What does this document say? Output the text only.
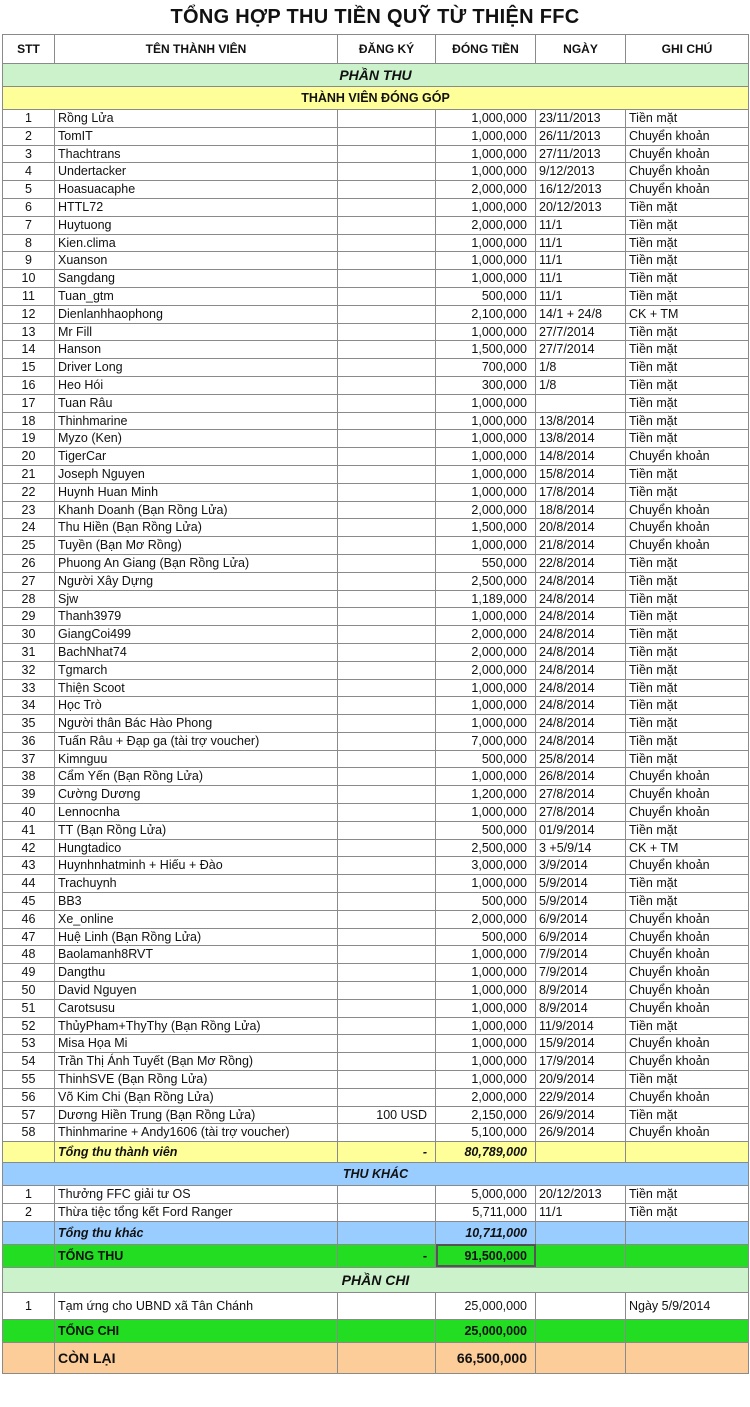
TỔNG HỢP THU TIỀN QUỸ TỪ THIỆN FFC
STT	TÊN THÀNH VIÊN	ĐĂNG KÝ	ĐÓNG TIỀN	NGÀY	GHI CHÚ
PHẦN THU					
THÀNH VIÊN ĐÓNG GÓP					
1	Rồng Lửa		1,000,000	23/11/2013	Tiền mặt
2	TomIT		1,000,000	26/11/2013	Chuyển khoản
3	Thachtrans		1,000,000	27/11/2013	Chuyển khoản
4	Undertacker		1,000,000	9/12/2013	Chuyển khoản
5	Hoasuacaphe		2,000,000	16/12/2013	Chuyển khoản
6	HTTL72		1,000,000	20/12/2013	Tiền mặt
7	Huytuong		2,000,000	11/1	Tiền mặt
8	Kien.clima		1,000,000	11/1	Tiền mặt
9	Xuanson		1,000,000	11/1	Tiền mặt
10	Sangdang		1,000,000	11/1	Tiền mặt
11	Tuan_gtm		500,000	11/1	Tiền mặt
12	Dienlanhhaophong		2,100,000	14/1 + 24/8	CK + TM
13	Mr Fill		1,000,000	27/7/2014	Tiền mặt
14	Hanson		1,500,000	27/7/2014	Tiền mặt
15	Driver Long		700,000	1/8	Tiền mặt
16	Heo Hói		300,000	1/8	Tiền mặt
17	Tuan Râu		1,000,000		Tiền mặt
18	Thinhmarine		1,000,000	13/8/2014	Tiền mặt
19	Myzo (Ken)		1,000,000	13/8/2014	Tiền mặt
20	TigerCar		1,000,000	14/8/2014	Chuyển khoản
21	Joseph Nguyen		1,000,000	15/8/2014	Tiền mặt
22	Huynh Huan Minh		1,000,000	17/8/2014	Tiền mặt
23	Khanh Doanh (Bạn Rồng Lửa)		2,000,000	18/8/2014	Chuyển khoản
24	Thu Hiền (Bạn Rồng Lửa)		1,500,000	20/8/2014	Chuyển khoản
25	Tuyền (Bạn Mơ Rồng)		1,000,000	21/8/2014	Chuyển khoản
26	Phuong An Giang (Bạn Rồng Lửa)		550,000	22/8/2014	Tiền mặt
27	Người Xây Dựng		2,500,000	24/8/2014	Tiền mặt
28	Sjw		1,189,000	24/8/2014	Tiền mặt
29	Thanh3979		1,000,000	24/8/2014	Tiền mặt
30	GiangCoi499		2,000,000	24/8/2014	Tiền mặt
31	BachNhat74		2,000,000	24/8/2014	Tiền mặt
32	Tgmarch		2,000,000	24/8/2014	Tiền mặt
33	Thiện Scoot		1,000,000	24/8/2014	Tiền mặt
34	Học Trò		1,000,000	24/8/2014	Tiền mặt
35	Người thân Bác Hào Phong		1,000,000	24/8/2014	Tiền mặt
36	Tuấn Râu + Đạp ga (tài trợ voucher)		7,000,000	24/8/2014	Tiền mặt
37	Kimnguu		500,000	25/8/2014	Tiền mặt
38	Cẩm Yến (Bạn Rồng Lửa)		1,000,000	26/8/2014	Chuyển khoản
39	Cường Dương		1,200,000	27/8/2014	Chuyển khoản
40	Lennocnha		1,000,000	27/8/2014	Chuyển khoản
41	TT (Bạn Rồng Lửa)		500,000	01/9/2014	Tiền mặt
42	Hungtadico		2,500,000	3 +5/9/14	CK + TM
43	Huynhnhatminh + Hiếu + Đào		3,000,000	3/9/2014	Chuyển khoản
44	Trachuynh		1,000,000	5/9/2014	Tiền mặt
45	BB3		500,000	5/9/2014	Tiền mặt
46	Xe_online		2,000,000	6/9/2014	Chuyển khoản
47	Huệ Linh (Bạn Rồng Lửa)		500,000	6/9/2014	Chuyển khoản
48	Baolamanh8RVT		1,000,000	7/9/2014	Chuyển khoản
49	Dangthu		1,000,000	7/9/2014	Chuyển khoản
50	David Nguyen		1,000,000	8/9/2014	Chuyển khoản
51	Carotsusu		1,000,000	8/9/2014	Chuyển khoản
52	ThủyPham+ThyThy (Bạn Rồng Lửa)		1,000,000	11/9/2014	Tiền mặt
53	Misa Họa Mi		1,000,000	15/9/2014	Chuyển khoản
54	Trần Thị Ánh Tuyết (Bạn Mơ Rồng)		1,000,000	17/9/2014	Chuyển khoản
55	ThinhSVE (Bạn Rồng Lửa)		1,000,000	20/9/2014	Tiền mặt
56	Võ Kim Chi (Bạn Rồng Lửa)		2,000,000	22/9/2014	Chuyển khoản
57	Dương Hiền Trung (Bạn Rồng Lửa)	100 USD	2,150,000	26/9/2014	Tiền mặt
58	Thinhmarine + Andy1606 (tài trợ voucher)		5,100,000	26/9/2014	Chuyển khoản
	Tổng thu thành viên	-	80,789,000		
THU KHÁC					
1	Thưởng FFC giải tư OS		5,000,000	20/12/2013	Tiền mặt
2	Thừa tiệc tổng kết Ford Ranger		5,711,000	11/1	Tiền mặt
	Tổng thu khác		10,711,000		
	TỔNG THU	-	91,500,000		
PHẦN CHI					
1	Tạm ứng cho UBND xã Tân Chánh		25,000,000		Ngày 5/9/2014
	TỔNG CHI		25,000,000		
	CÒN LẠI		66,500,000		
